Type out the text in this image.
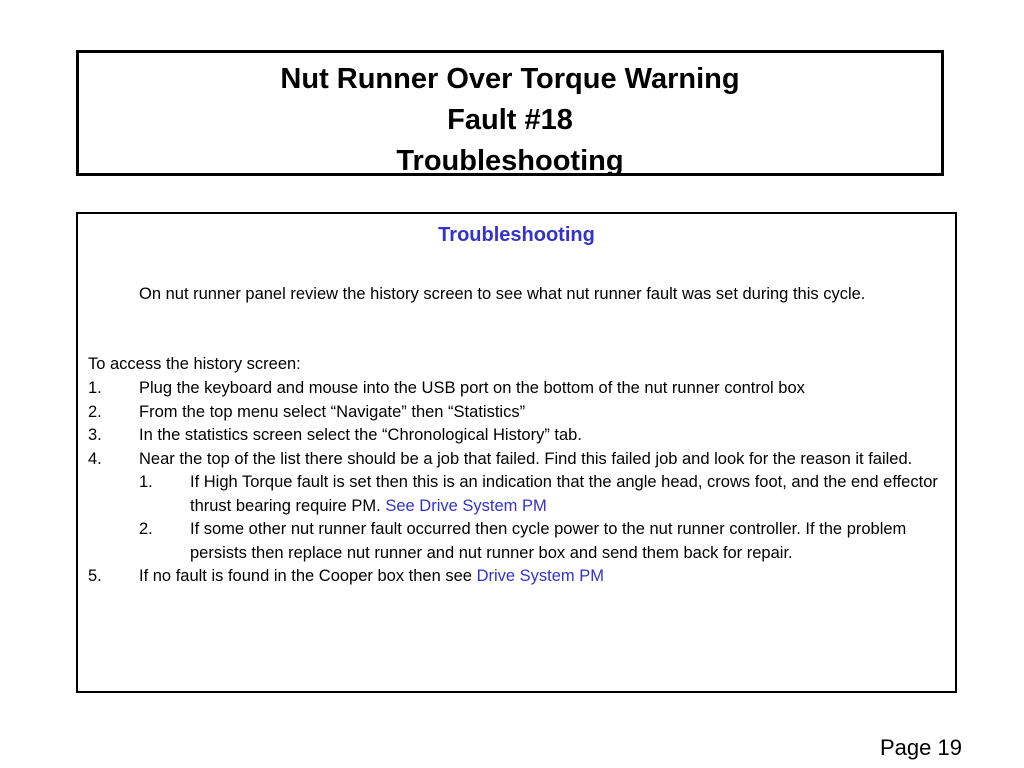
Nut Runner Over Torque Warning
Fault #18
Troubleshooting
Troubleshooting
On nut runner panel review the history screen to see what nut runner fault was set during this cycle.
To access the history screen:
1.	Plug the keyboard and mouse into the USB port on the bottom of the nut runner control box
2.	From the top menu select “Navigate” then “Statistics”
3.	In the statistics screen select the “Chronological History” tab.
4.	Near the top of the list there should be a job that failed. Find this failed job and look for the reason it failed.
1.	If High Torque fault is set then this is an indication that the angle head, crows foot, and the end effector thrust bearing require PM. See Drive System PM
2.	If some other nut runner fault occurred then cycle power to the nut runner controller. If the problem persists then replace nut runner and nut runner box and send them back for repair.
5.	If no fault is found in the Cooper box then see Drive System PM
Page 19
